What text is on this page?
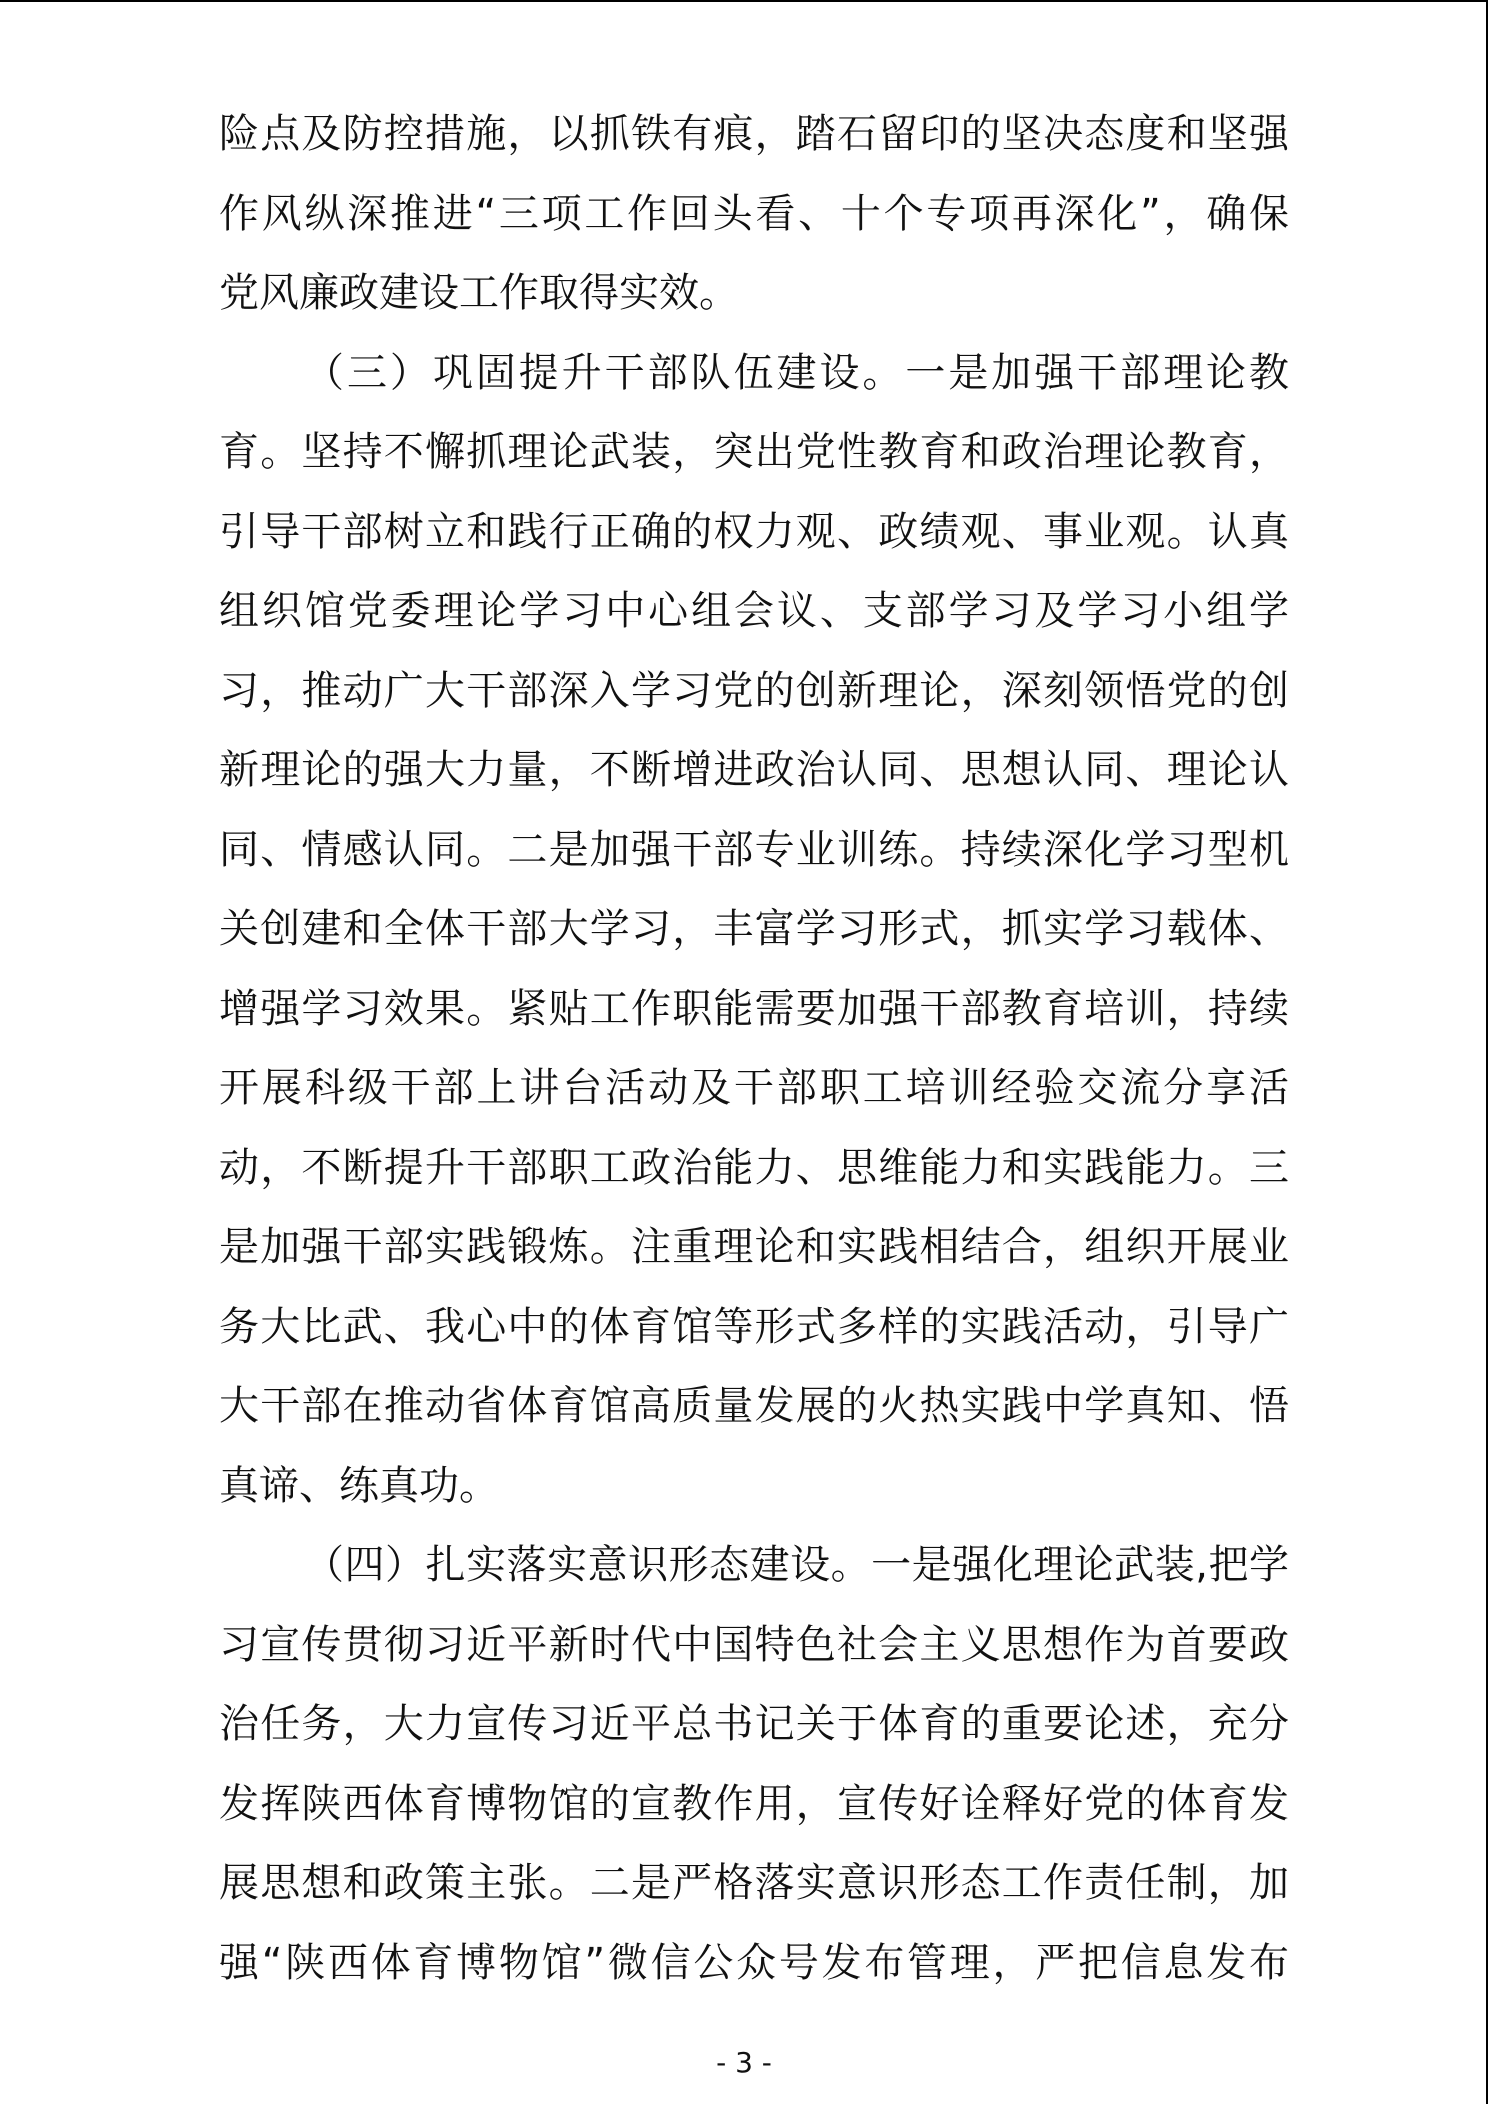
险点及防控措施，以抓铁有痕，踏石留印的坚决态度和坚强
作风纵深推进“三项工作回头看、十个专项再深化”，确保
党风廉政建设工作取得实效。
（三）巩固提升干部队伍建设。一是加强干部理论教
育。坚持不懈抓理论武装，突出党性教育和政治理论教育，
引导干部树立和践行正确的权力观、政绩观、事业观。认真
组织馆党委理论学习中心组会议、支部学习及学习小组学
习，推动广大干部深入学习党的创新理论，深刻领悟党的创
新理论的强大力量，不断增进政治认同、思想认同、理论认
同、情感认同。二是加强干部专业训练。持续深化学习型机
关创建和全体干部大学习，丰富学习形式，抓实学习载体、
增强学习效果。紧贴工作职能需要加强干部教育培训，持续
开展科级干部上讲台活动及干部职工培训经验交流分享活
动，不断提升干部职工政治能力、思维能力和实践能力。三
是加强干部实践锻炼。注重理论和实践相结合，组织开展业
务大比武、我心中的体育馆等形式多样的实践活动，引导广
大干部在推动省体育馆高质量发展的火热实践中学真知、悟
真谛、练真功。
（四）扎实落实意识形态建设。一是强化理论武装,把学
习宣传贯彻习近平新时代中国特色社会主义思想作为首要政
治任务，大力宣传习近平总书记关于体育的重要论述，充分
发挥陕西体育博物馆的宣教作用，宣传好诠释好党的体育发
展思想和政策主张。二是严格落实意识形态工作责任制，加
强“陕西体育博物馆”微信公众号发布管理，严把信息发布
- 3 -
